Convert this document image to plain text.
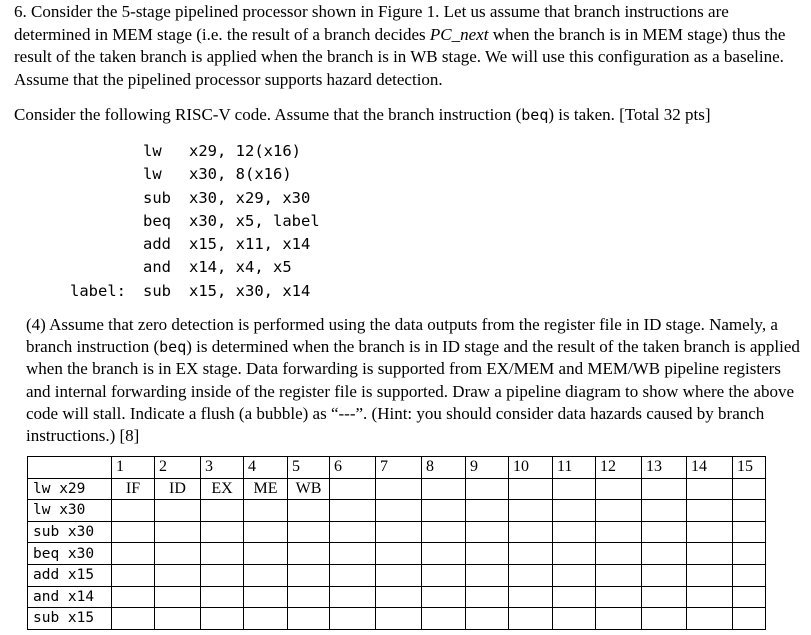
6. Consider the 5-stage pipelined processor shown in Figure 1. Let us assume that branch instructions are determined in MEM stage (i.e. the result of a branch decides PC_next when the branch is in MEM stage) thus the result of the taken branch is applied when the branch is in WB stage. We will use this configuration as a baseline. Assume that the pipelined processor supports hazard detection.
Consider the following RISC-V code. Assume that the branch instruction (beq) is taken. [Total 32 pts]
lw x29, 12(x16)
lw x30, 8(x16)
sub x30, x29, x30
beq x30, x5, label
add x15, x11, x14
and x14, x4, x5
label: sub x15, x30, x14
(4) Assume that zero detection is performed using the data outputs from the register file in ID stage. Namely, a branch instruction (beq) is determined when the branch is in ID stage and the result of the taken branch is applied when the branch is in EX stage. Data forwarding is supported from EX/MEM and MEM/WB pipeline registers and internal forwarding inside of the register file is supported. Draw a pipeline diagram to show where the above code will stall. Indicate a flush (a bubble) as “---”. (Hint: you should consider data hazards caused by branch instructions.) [8]
	1	2	3	4	5	6	7	8	9	10	11	12	13	14	15
lw x29	IF	ID	EX	ME	WB										
lw x30															
sub x30															
beq x30															
add x15															
and x14															
sub x15															
